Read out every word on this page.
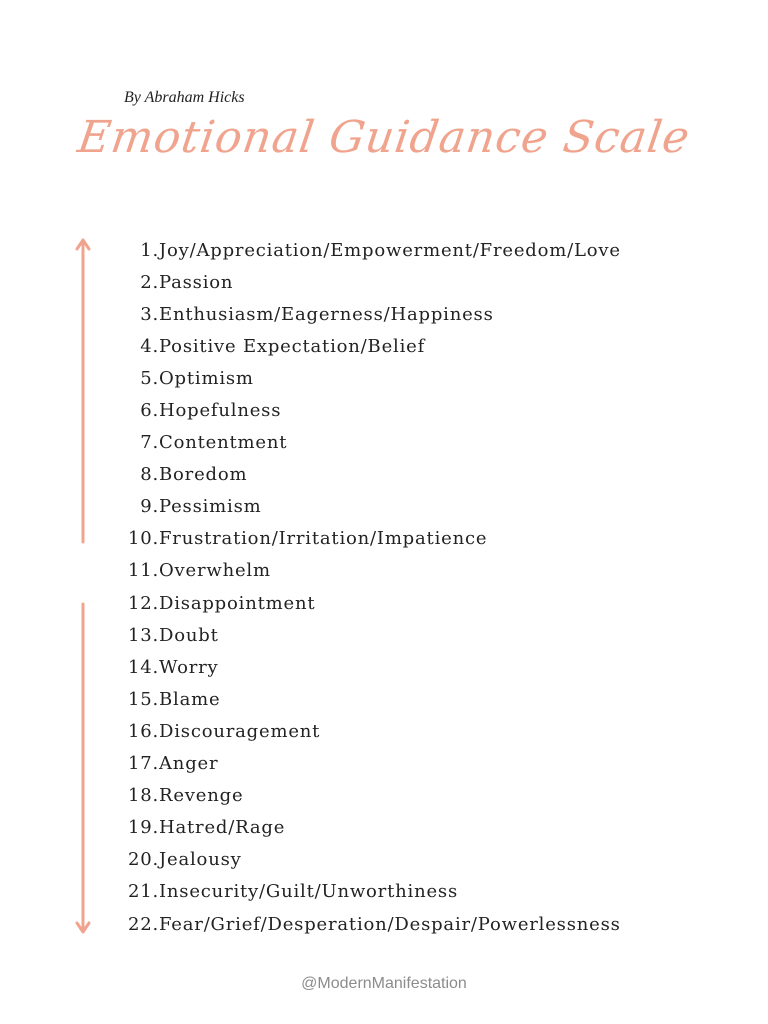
By Abraham Hicks
Emotional Guidance Scale
1. Joy/Appreciation/Empowerment/Freedom/Love
2. Passion
3. Enthusiasm/Eagerness/Happiness
4. Positive Expectation/Belief
5. Optimism
6. Hopefulness
7. Contentment
8. Boredom
9. Pessimism
10. Frustration/Irritation/Impatience
11. Overwhelm
12. Disappointment
13. Doubt
14. Worry
15. Blame
16. Discouragement
17. Anger
18. Revenge
19. Hatred/Rage
20. Jealousy
21. Insecurity/Guilt/Unworthiness
22. Fear/Grief/Desperation/Despair/Powerlessness
@ModernManifestation
